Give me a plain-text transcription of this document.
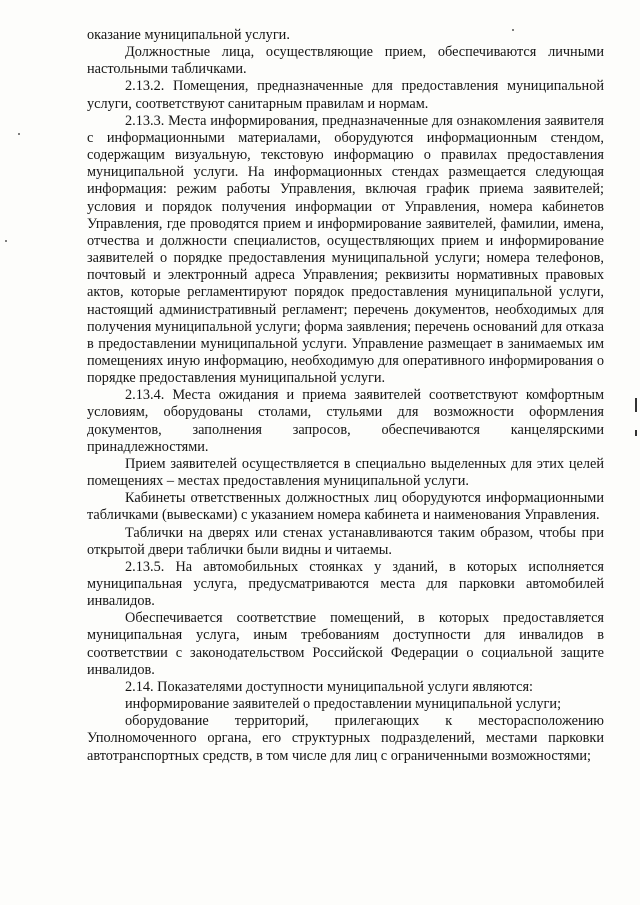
оказание муниципальной услуги.

Должностные лица, осуществляющие прием, обеспечиваются личными настольными табличками.

2.13.2. Помещения, предназначенные для предоставления муниципальной услуги, соответствуют санитарным правилам и нормам.

2.13.3. Места информирования, предназначенные для ознакомления заявителя с информационными материалами, оборудуются информационным стендом, содержащим визуальную, текстовую информацию о правилах предоставления муниципальной услуги. На информационных стендах размещается следующая информация: режим работы Управления, включая график приема заявителей; условия и порядок получения информации от Управления, номера кабинетов Управления, где проводятся прием и информирование заявителей, фамилии, имена, отчества и должности специалистов, осуществляющих прием и информирование заявителей о порядке предоставления муниципальной услуги; номера телефонов, почтовый и электронный адреса Управления; реквизиты нормативных правовых актов, которые регламентируют порядок предоставления муниципальной услуги, настоящий административный регламент; перечень документов, необходимых для получения муниципальной услуги; форма заявления; перечень оснований для отказа в предоставлении муниципальной услуги. Управление размещает в занимаемых им помещениях иную информацию, необходимую для оперативного информирования о порядке предоставления муниципальной услуги.

2.13.4. Места ожидания и приема заявителей соответствуют комфортным условиям, оборудованы столами, стульями для возможности оформления документов, заполнения запросов, обеспечиваются канцелярскими принадлежностями.

Прием заявителей осуществляется в специально выделенных для этих целей помещениях – местах предоставления муниципальной услуги.

Кабинеты ответственных должностных лиц оборудуются информационными табличками (вывесками) с указанием номера кабинета и наименования Управления.

Таблички на дверях или стенах устанавливаются таким образом, чтобы при открытой двери таблички были видны и читаемы.

2.13.5. На автомобильных стоянках у зданий, в которых исполняется муниципальная услуга, предусматриваются места для парковки автомобилей инвалидов.

Обеспечивается соответствие помещений, в которых предоставляется муниципальная услуга, иным требованиям доступности для инвалидов в соответствии с законодательством Российской Федерации о социальной защите инвалидов.

2.14. Показателями доступности муниципальной услуги являются:

информирование заявителей о предоставлении муниципальной услуги;

оборудование территорий, прилегающих к месторасположению Уполномоченного органа, его структурных подразделений, местами парковки автотранспортных средств, в том числе для лиц с ограниченными возможностями;
